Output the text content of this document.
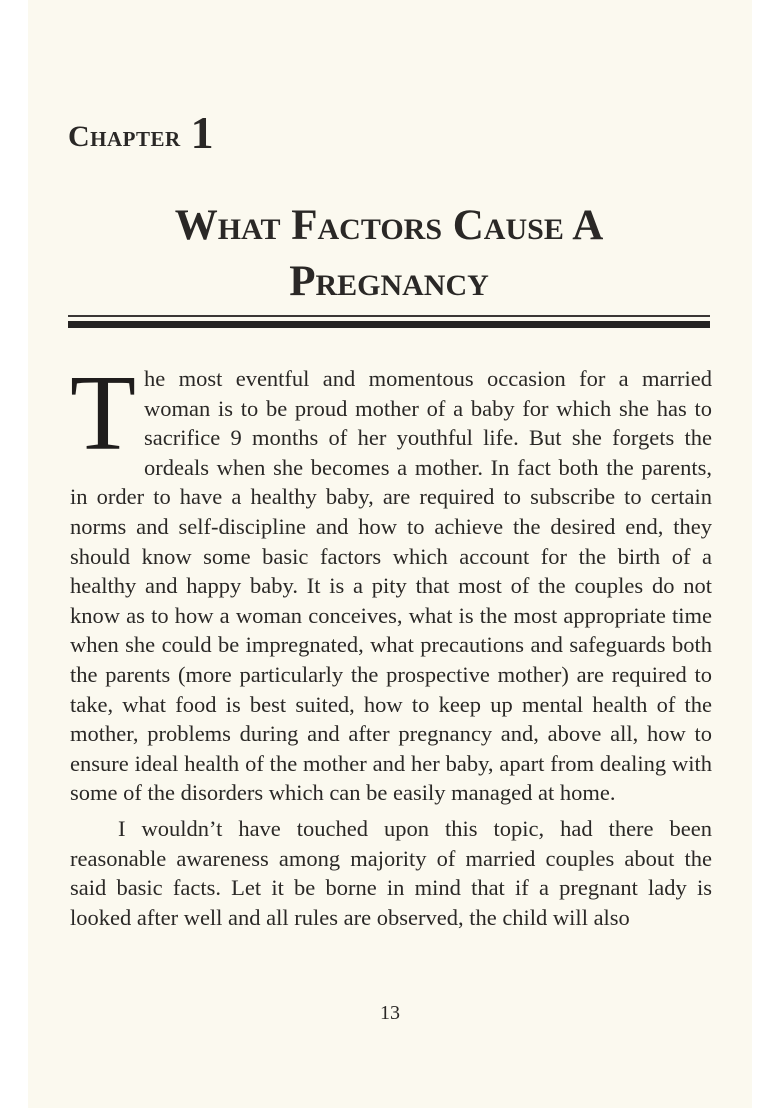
Chapter 1
What Factors Cause A
Pregnancy

The most eventful and momentous occasion for a married woman is to be proud mother of a baby for which she has to sacrifice 9 months of her youthful life. But she forgets the ordeals when she becomes a mother. In fact both the parents, in order to have a healthy baby, are required to subscribe to certain norms and self-discipline and how to achieve the desired end, they should know some basic factors which account for the birth of a healthy and happy baby. It is a pity that most of the couples do not know as to how a woman conceives, what is the most appropriate time when she could be impregnated, what precautions and safeguards both the parents (more particularly the prospective mother) are required to take, what food is best suited, how to keep up mental health of the mother, problems during and after pregnancy and, above all, how to ensure ideal health of the mother and her baby, apart from dealing with some of the disorders which can be easily managed at home.

I wouldn’t have touched upon this topic, had there been reasonable awareness among majority of married couples about the said basic facts. Let it be borne in mind that if a pregnant lady is looked after well and all rules are observed, the child will also

13
